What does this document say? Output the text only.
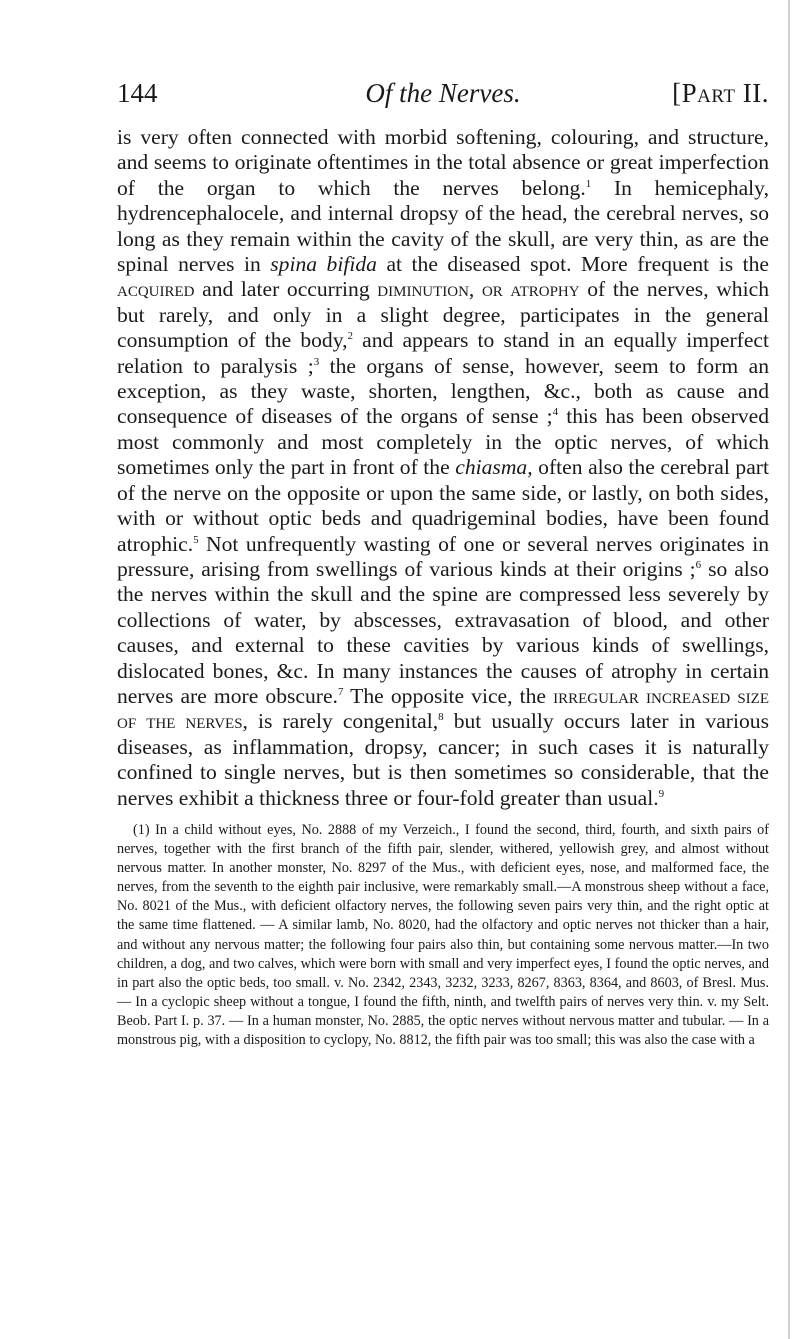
144	Of the Nerves.	[Part II.
is very often connected with morbid softening, colouring, and structure, and seems to originate oftentimes in the total absence or great imperfection of the organ to which the nerves belong.$^1$ In hemicephaly, hydrencephalocele, and internal dropsy of the head, the cerebral nerves, so long as they remain within the cavity of the skull, are very thin, as are the spinal nerves in spina bifida at the diseased spot. More frequent is the acquired and later occurring diminution, or atrophy of the nerves, which but rarely, and only in a slight degree, participates in the general consumption of the body,$^2$ and appears to stand in an equally imperfect relation to paralysis ;$^3$ the organs of sense, however, seem to form an exception, as they waste, shorten, lengthen, &c., both as cause and consequence of diseases of the organs of sense ;$^4$ this has been observed most commonly and most completely in the optic nerves, of which sometimes only the part in front of the chiasma, often also the cerebral part of the nerve on the opposite or upon the same side, or lastly, on both sides, with or without optic beds and quadrigeminal bodies, have been found atrophic.$^5$ Not unfrequently wasting of one or several nerves originates in pressure, arising from swellings of various kinds at their origins ;$^6$ so also the nerves within the skull and the spine are compressed less severely by collections of water, by abscesses, extravasation of blood, and other causes, and external to these cavities by various kinds of swellings, dislocated bones, &c. In many instances the causes of atrophy in certain nerves are more obscure.$^7$ The opposite vice, the irregular increased size of the nerves, is rarely congenital,$^8$ but usually occurs later in various diseases, as inflammation, dropsy, cancer; in such cases it is naturally confined to single nerves, but is then sometimes so considerable, that the nerves exhibit a thickness three or four-fold greater than usual.$^9$
(1) In a child without eyes, No. 2888 of my Verzeich., I found the second, third, fourth, and sixth pairs of nerves, together with the first branch of the fifth pair, slender, withered, yellowish grey, and almost without nervous matter. In another monster, No. 8297 of the Mus., with deficient eyes, nose, and malformed face, the nerves, from the seventh to the eighth pair inclusive, were remarkably small.—A monstrous sheep without a face, No. 8021 of the Mus., with deficient olfactory nerves, the following seven pairs very thin, and the right optic at the same time flattened. — A similar lamb, No. 8020, had the olfactory and optic nerves not thicker than a hair, and without any nervous matter; the following four pairs also thin, but containing some nervous matter.—In two children, a dog, and two calves, which were born with small and very imperfect eyes, I found the optic nerves, and in part also the optic beds, too small. v. No. 2342, 2343, 3232, 3233, 8267, 8363, 8364, and 8603, of Bresl. Mus. — In a cyclopic sheep without a tongue, I found the fifth, ninth, and twelfth pairs of nerves very thin. v. my Selt. Beob. Part I. p. 37. — In a human monster, No. 2885, the optic nerves without nervous matter and tubular. — In a monstrous pig, with a disposition to cyclopy, No. 8812, the fifth pair was too small; this was also the case with a
